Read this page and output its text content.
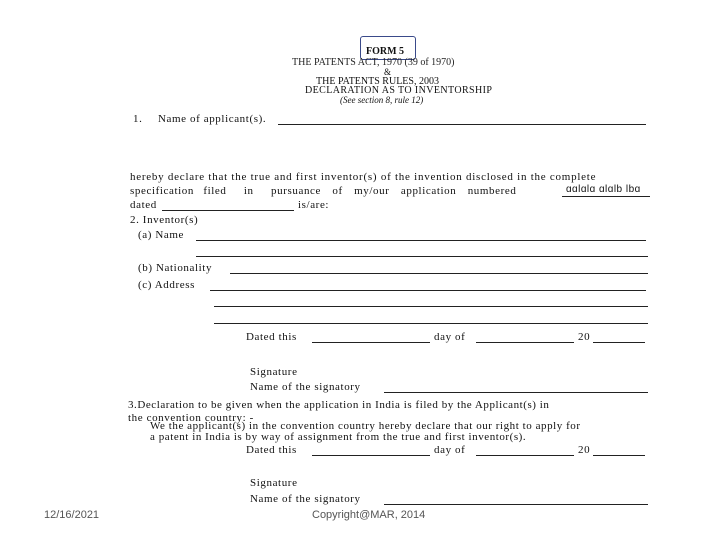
FORM 5
THE PATENTS ACT, 1970 (39 of 1970)
&
THE PATENTS RULES, 2003
DECLARATION AS TO INVENTORSHIP
(See section 8, rule 12)
1. Name of applicant(s).
hereby declare that the true and first inventor(s) of the invention disclosed in the complete
specification filed in pursuance of my/our application numbered	ɑɑlɑlɑ ɑlɑlb lbɑ
dated	is/are:
2. Inventor(s)
(a) Name
(b) Nationality
(c) Address
Dated this	day of	20
Signature
Name of the signatory
3.Declaration to be given when the application in India is filed by the Applicant(s) in
the convention country: -
We the applicant(s) in the convention country hereby declare that our right to apply for
a patent in India is by way of assignment from the true and first inventor(s).
Dated this	day of	20
Signature
Name of the signatory
12/16/2021	Copyright@MAR, 2014
